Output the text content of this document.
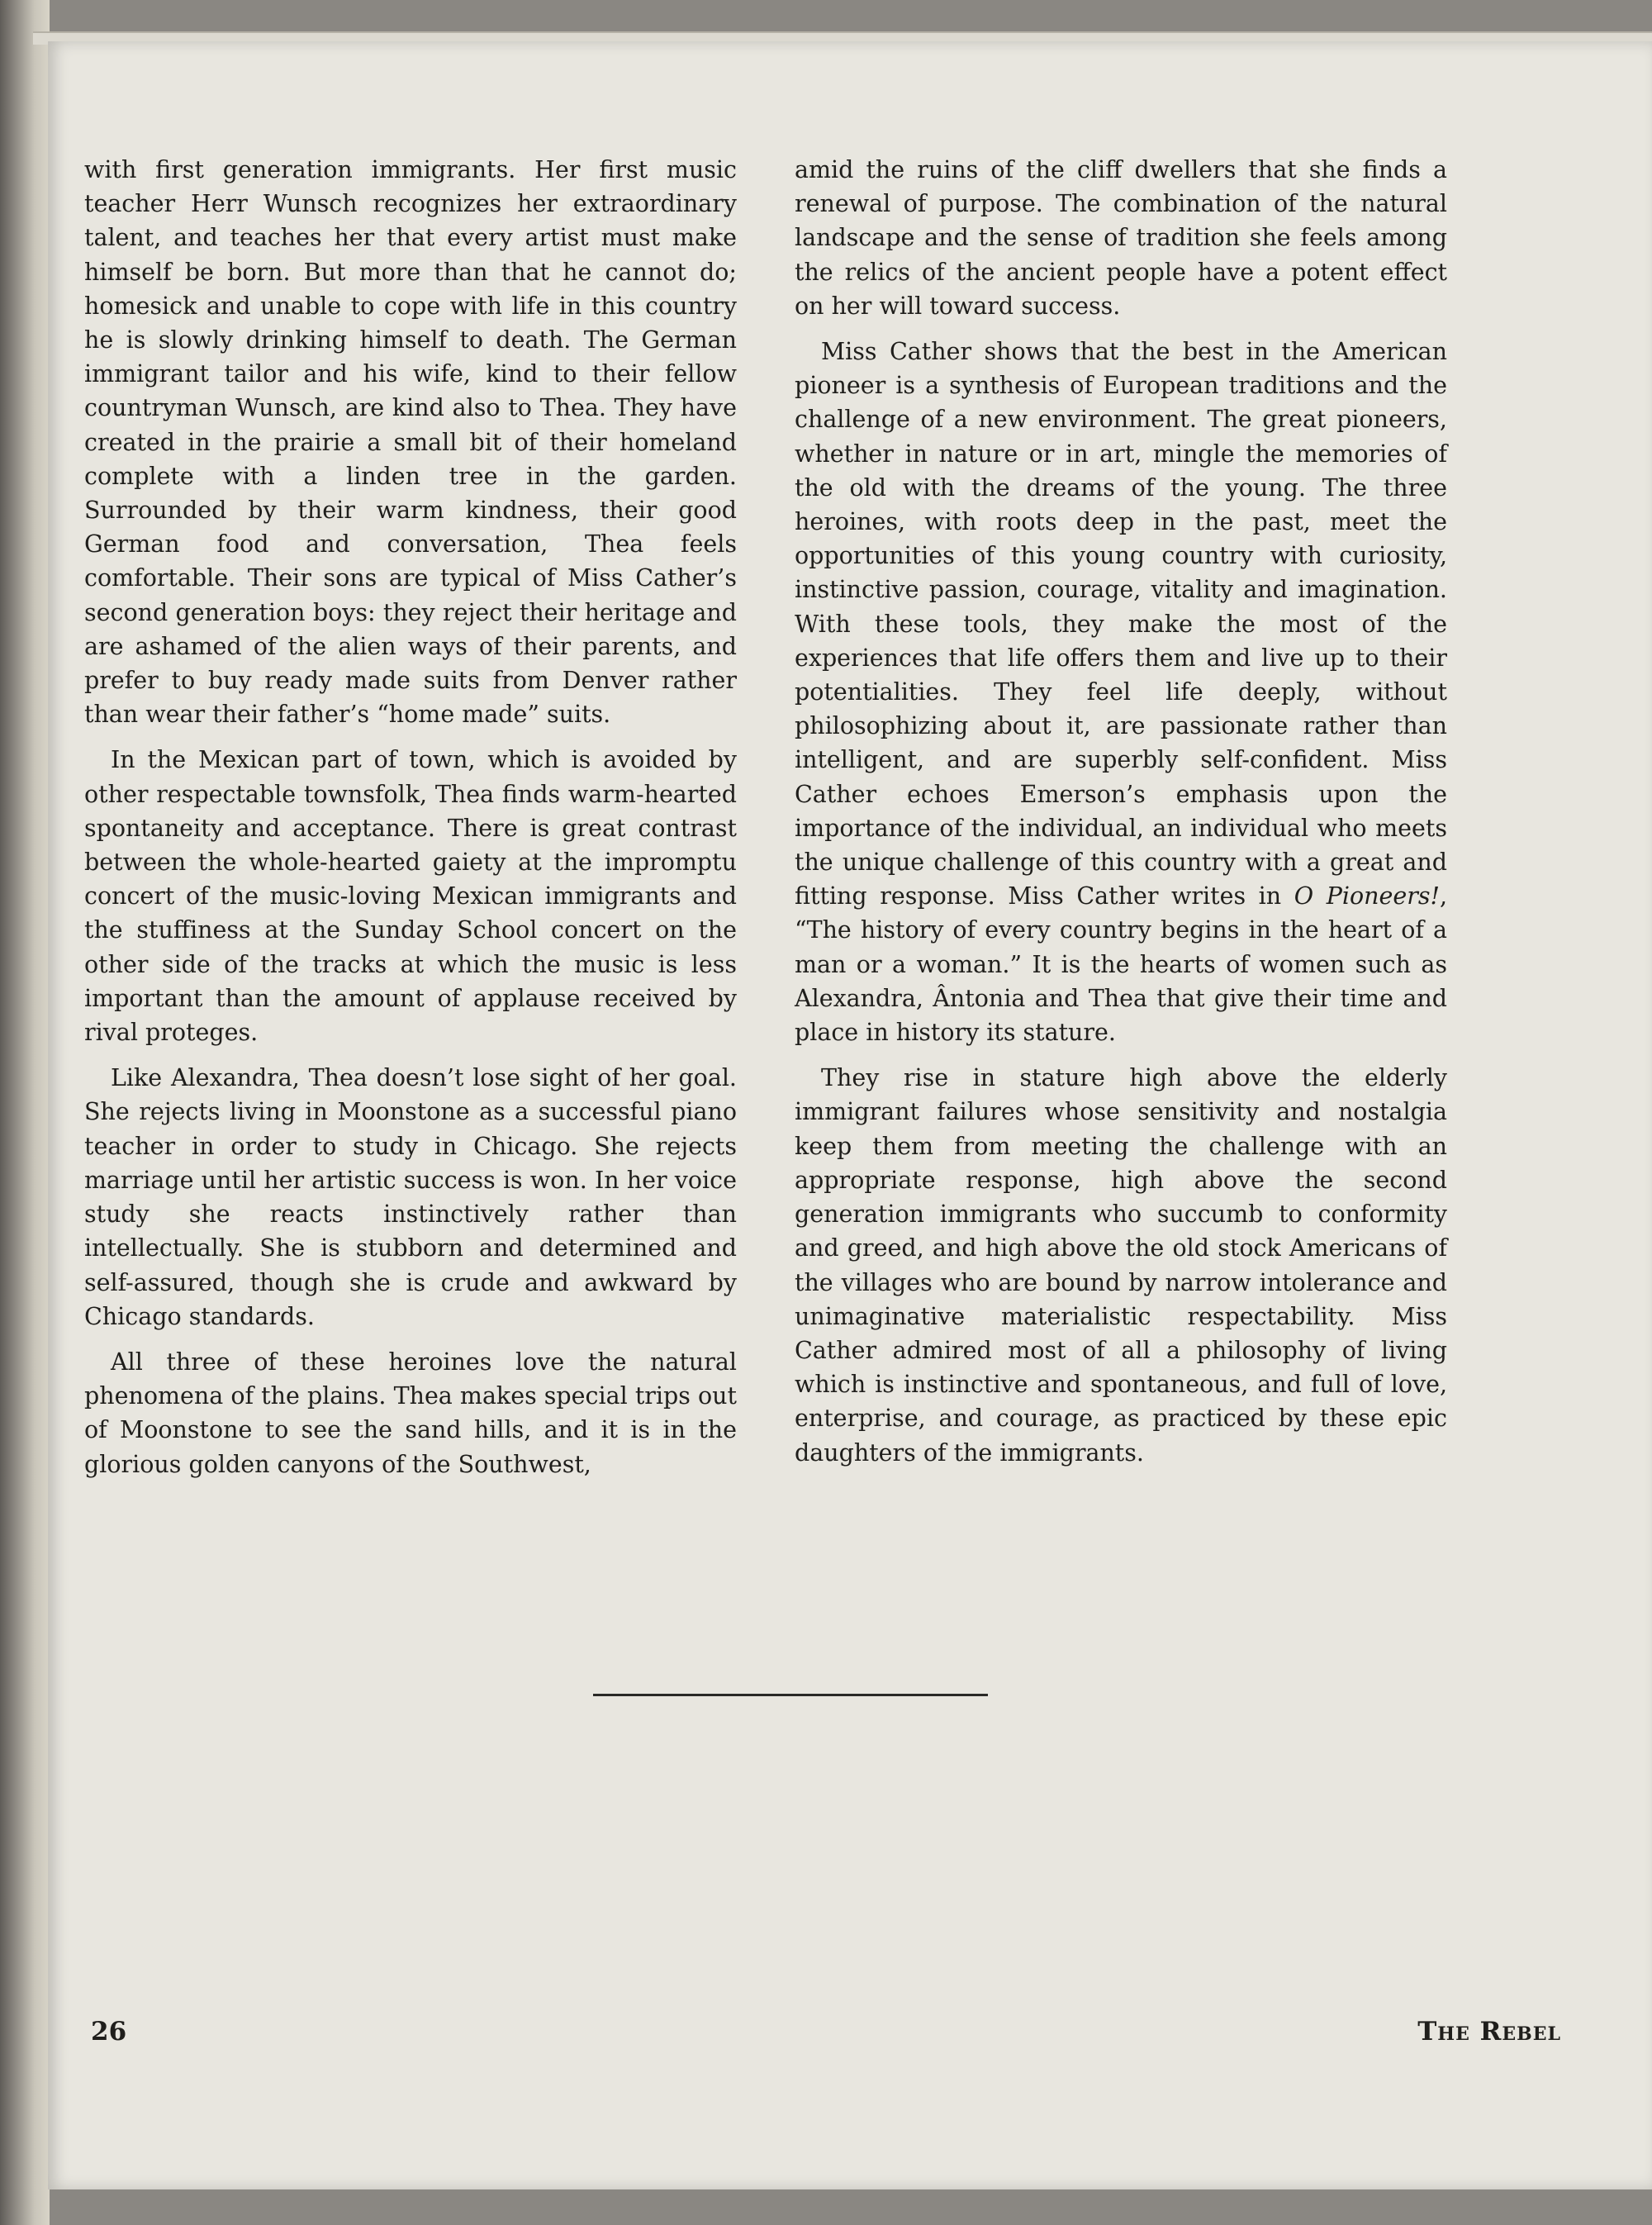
with first generation immigrants. Her first music teacher Herr Wunsch recognizes her extraordinary talent, and teaches her that every artist must make himself be born. But more than that he cannot do; homesick and unable to cope with life in this country he is slowly drinking himself to death. The German immigrant tailor and his wife, kind to their fellow countryman Wunsch, are kind also to Thea. They have created in the prairie a small bit of their homeland complete with a linden tree in the garden. Surrounded by their warm kindness, their good German food and conversation, Thea feels comfortable. Their sons are typical of Miss Cather’s second generation boys: they reject their heritage and are ashamed of the alien ways of their parents, and prefer to buy ready made suits from Denver rather than wear their father’s “home made” suits.

In the Mexican part of town, which is avoided by other respectable townsfolk, Thea finds warm-hearted spontaneity and acceptance. There is great contrast between the whole-hearted gaiety at the impromptu concert of the music-loving Mexican immigrants and the stuffiness at the Sunday School concert on the other side of the tracks at which the music is less important than the amount of applause received by rival proteges.

Like Alexandra, Thea doesn’t lose sight of her goal. She rejects living in Moonstone as a successful piano teacher in order to study in Chicago. She rejects marriage until her artistic success is won. In her voice study she reacts instinctively rather than intellectually. She is stubborn and determined and self-assured, though she is crude and awkward by Chicago standards.

All three of these heroines love the natural phenomena of the plains. Thea makes special trips out of Moonstone to see the sand hills, and it is in the glorious golden canyons of the Southwest,

amid the ruins of the cliff dwellers that she finds a renewal of purpose. The combination of the natural landscape and the sense of tradition she feels among the relics of the ancient people have a potent effect on her will toward success.

Miss Cather shows that the best in the American pioneer is a synthesis of European traditions and the challenge of a new environment. The great pioneers, whether in nature or in art, mingle the memories of the old with the dreams of the young. The three heroines, with roots deep in the past, meet the opportunities of this young country with curiosity, instinctive passion, courage, vitality and imagination. With these tools, they make the most of the experiences that life offers them and live up to their potentialities. They feel life deeply, without philosophizing about it, are passionate rather than intelligent, and are superbly self-confident. Miss Cather echoes Emerson’s emphasis upon the importance of the individual, an individual who meets the unique challenge of this country with a great and fitting response. Miss Cather writes in O Pioneers!, “The history of every country begins in the heart of a man or a woman.” It is the hearts of women such as Alexandra, Ântonia and Thea that give their time and place in history its stature.

They rise in stature high above the elderly immigrant failures whose sensitivity and nostalgia keep them from meeting the challenge with an appropriate response, high above the second generation immigrants who succumb to conformity and greed, and high above the old stock Americans of the villages who are bound by narrow intolerance and unimaginative materialistic respectability. Miss Cather admired most of all a philosophy of living which is instinctive and spontaneous, and full of love, enterprise, and courage, as practiced by these epic daughters of the immigrants.

26	The Rebel
